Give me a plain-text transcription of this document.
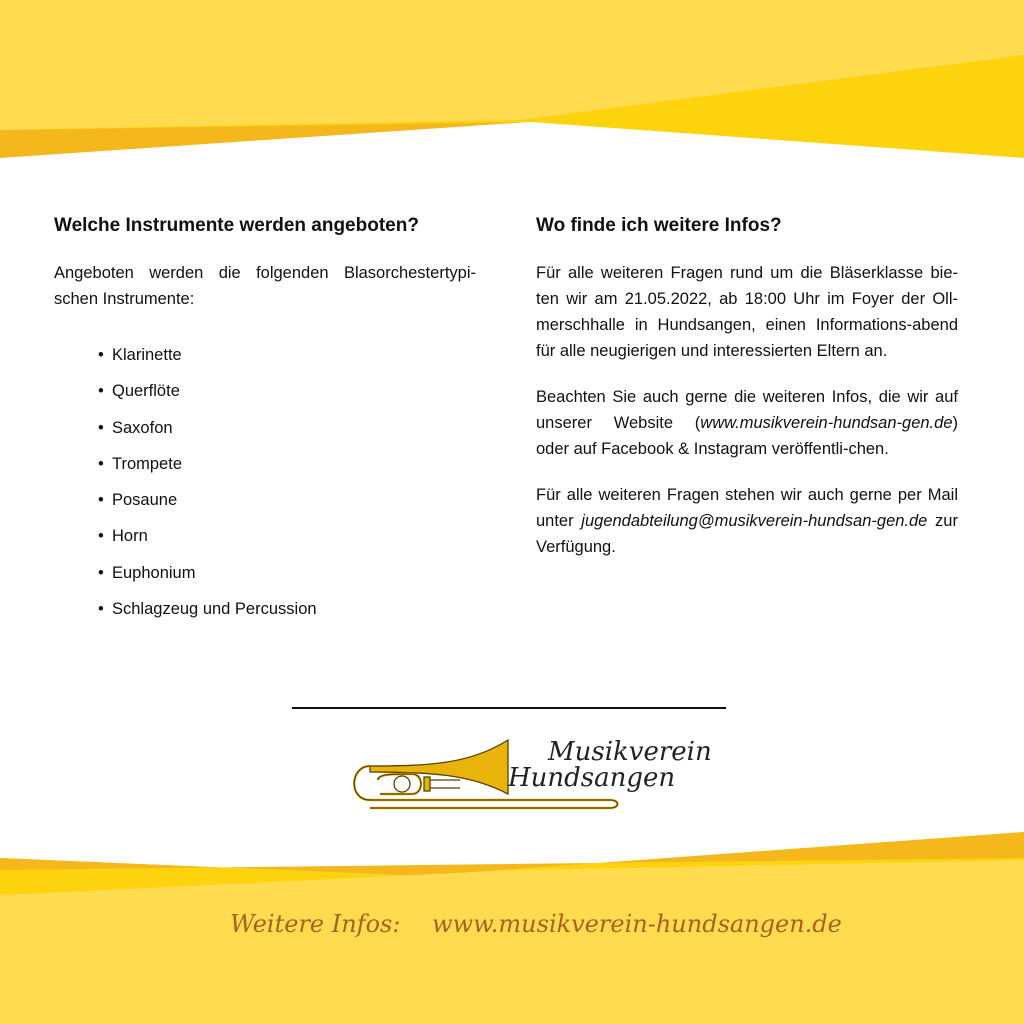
Welche Instrumente werden angeboten?

Angeboten werden die folgenden Blasorchestertypi-schen Instrumente:

• Klarinette
• Querflöte
• Saxofon
• Trompete
• Posaune
• Horn
• Euphonium
• Schlagzeug und Percussion
Wo finde ich weitere Infos?

Für alle weiteren Fragen rund um die Bläserklasse bie-ten wir am 21.05.2022, ab 18:00 Uhr im Foyer der Oll-merschhalle in Hundsangen, einen Informations-abend für alle neugierigen und interessierten Eltern an.

Beachten Sie auch gerne die weiteren Infos, die wir auf unserer Website (www.musikverein-hundsan-gen.de) oder auf Facebook & Instagram veröffentli-chen.

Für alle weiteren Fragen stehen wir auch gerne per Mail unter jugendabteilung@musikverein-hundsan-gen.de zur Verfügung.

Musikverein
Hundsangen
Weitere Infos: www.musikverein-hundsangen.de
